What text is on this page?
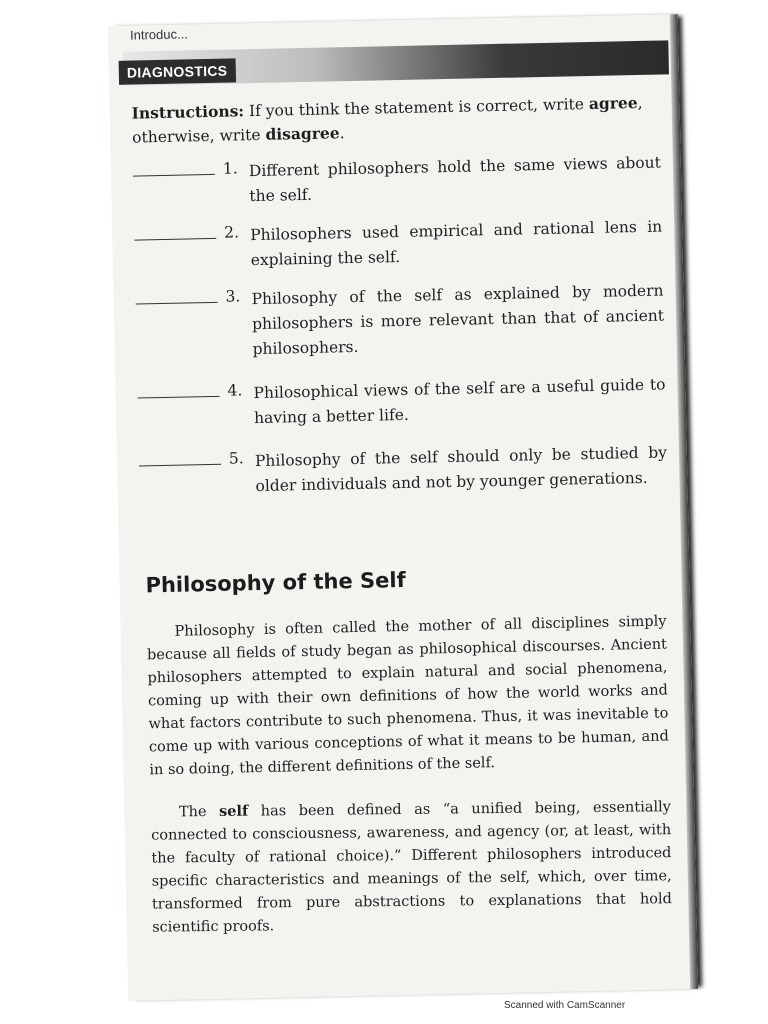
Introduc...
DIAGNOSTICS
Instructions: If you think the statement is correct, write agree, otherwise, write disagree.
1. Different philosophers hold the same views about the self.
2. Philosophers used empirical and rational lens in explaining the self.
3. Philosophy of the self as explained by modern philosophers is more relevant than that of ancient philosophers.
4. Philosophical views of the self are a useful guide to having a better life.
5. Philosophy of the self should only be studied by older individuals and not by younger generations.
Philosophy of the Self
Philosophy is often called the mother of all disciplines simply because all fields of study began as philosophical discourses. Ancient philosophers attempted to explain natural and social phenomena, coming up with their own definitions of how the world works and what factors contribute to such phenomena. Thus, it was inevitable to come up with various conceptions of what it means to be human, and in so doing, the different definitions of the self.
The self has been defined as “a unified being, essentially connected to consciousness, awareness, and agency (or, at least, with the faculty of rational choice).” Different philosophers introduced specific characteristics and meanings of the self, which, over time, transformed from pure abstractions to explanations that hold scientific proofs.
Scanned with CamScanner
